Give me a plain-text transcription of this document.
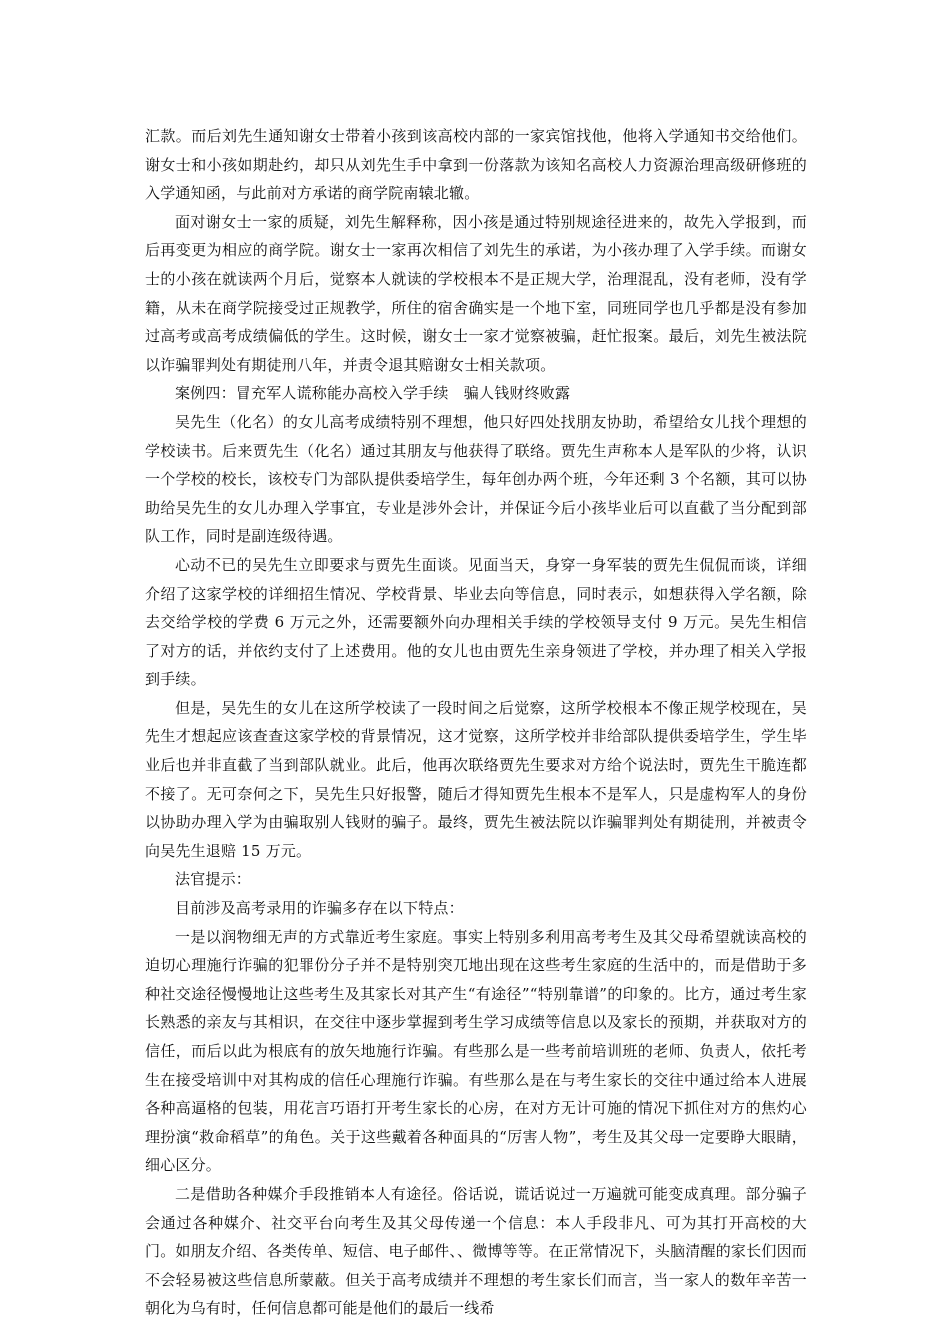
汇款。而后刘先生通知谢女士带着小孩到该高校内部的一家宾馆找他，他将入学通知书交给他们。谢女士和小孩如期赴约，却只从刘先生手中拿到一份落款为该知名高校人力资源治理高级研修班的入学通知函，与此前对方承诺的商学院南辕北辙。

面对谢女士一家的质疑，刘先生解释称，因小孩是通过特别规途径进来的，故先入学报到，而后再变更为相应的商学院。谢女士一家再次相信了刘先生的承诺，为小孩办理了入学手续。而谢女士的小孩在就读两个月后，觉察本人就读的学校根本不是正规大学，治理混乱，没有老师，没有学籍，从未在商学院接受过正规教学，所住的宿舍确实是一个地下室，同班同学也几乎都是没有参加过高考或高考成绩偏低的学生。这时候，谢女士一家才觉察被骗，赶忙报案。最后，刘先生被法院以诈骗罪判处有期徒刑八年，并责令退其赔谢女士相关款项。

案例四：冒充军人谎称能办高校入学手续　骗人钱财终败露

吴先生（化名）的女儿高考成绩特别不理想，他只好四处找朋友协助，希望给女儿找个理想的学校读书。后来贾先生（化名）通过其朋友与他获得了联络。贾先生声称本人是军队的少将，认识一个学校的校长，该校专门为部队提供委培学生，每年创办两个班，今年还剩 3 个名额，其可以协助给吴先生的女儿办理入学事宜，专业是涉外会计，并保证今后小孩毕业后可以直截了当分配到部队工作，同时是副连级待遇。

心动不已的吴先生立即要求与贾先生面谈。见面当天，身穿一身军装的贾先生侃侃而谈，详细介绍了这家学校的详细招生情况、学校背景、毕业去向等信息，同时表示，如想获得入学名额，除去交给学校的学费 6 万元之外，还需要额外向办理相关手续的学校领导支付 9 万元。吴先生相信了对方的话，并依约支付了上述费用。他的女儿也由贾先生亲身领进了学校，并办理了相关入学报到手续。

但是，吴先生的女儿在这所学校读了一段时间之后觉察，这所学校根本不像正规学校现在，吴先生才想起应该查查这家学校的背景情况，这才觉察，这所学校并非给部队提供委培学生，学生毕业后也并非直截了当到部队就业。此后，他再次联络贾先生要求对方给个说法时，贾先生干脆连都不接了。无可奈何之下，吴先生只好报警，随后才得知贾先生根本不是军人，只是虚构军人的身份以协助办理入学为由骗取别人钱财的骗子。最终，贾先生被法院以诈骗罪判处有期徒刑，并被责令向吴先生退赔 15 万元。

法官提示：

目前涉及高考录用的诈骗多存在以下特点：

一是以润物细无声的方式靠近考生家庭。事实上特别多利用高考考生及其父母希望就读高校的迫切心理施行诈骗的犯罪份分子并不是特别突兀地出现在这些考生家庭的生活中的，而是借助于多种社交途径慢慢地让这些考生及其家长对其产生“有途径”“特别靠谱”的印象的。比方，通过考生家长熟悉的亲友与其相识，在交往中逐步掌握到考生学习成绩等信息以及家长的预期，并获取对方的信任，而后以此为根底有的放矢地施行诈骗。有些那么是一些考前培训班的老师、负责人，依托考生在接受培训中对其构成的信任心理施行诈骗。有些那么是在与考生家长的交往中通过给本人进展各种高逼格的包装，用花言巧语打开考生家长的心房，在对方无计可施的情况下抓住对方的焦灼心理扮演“救命稻草”的角色。关于这些戴着各种面具的“厉害人物”，考生及其父母一定要睁大眼睛，细心区分。

二是借助各种媒介手段推销本人有途径。俗话说，谎话说过一万遍就可能变成真理。部分骗子会通过各种媒介、社交平台向考生及其父母传递一个信息：本人手段非凡、可为其打开高校的大门。如朋友介绍、各类传单、短信、电子邮件、、微博等等。在正常情况下，头脑清醒的家长们因而不会轻易被这些信息所蒙蔽。但关于高考成绩并不理想的考生家长们而言，当一家人的数年辛苦一朝化为乌有时，任何信息都可能是他们的最后一线希
